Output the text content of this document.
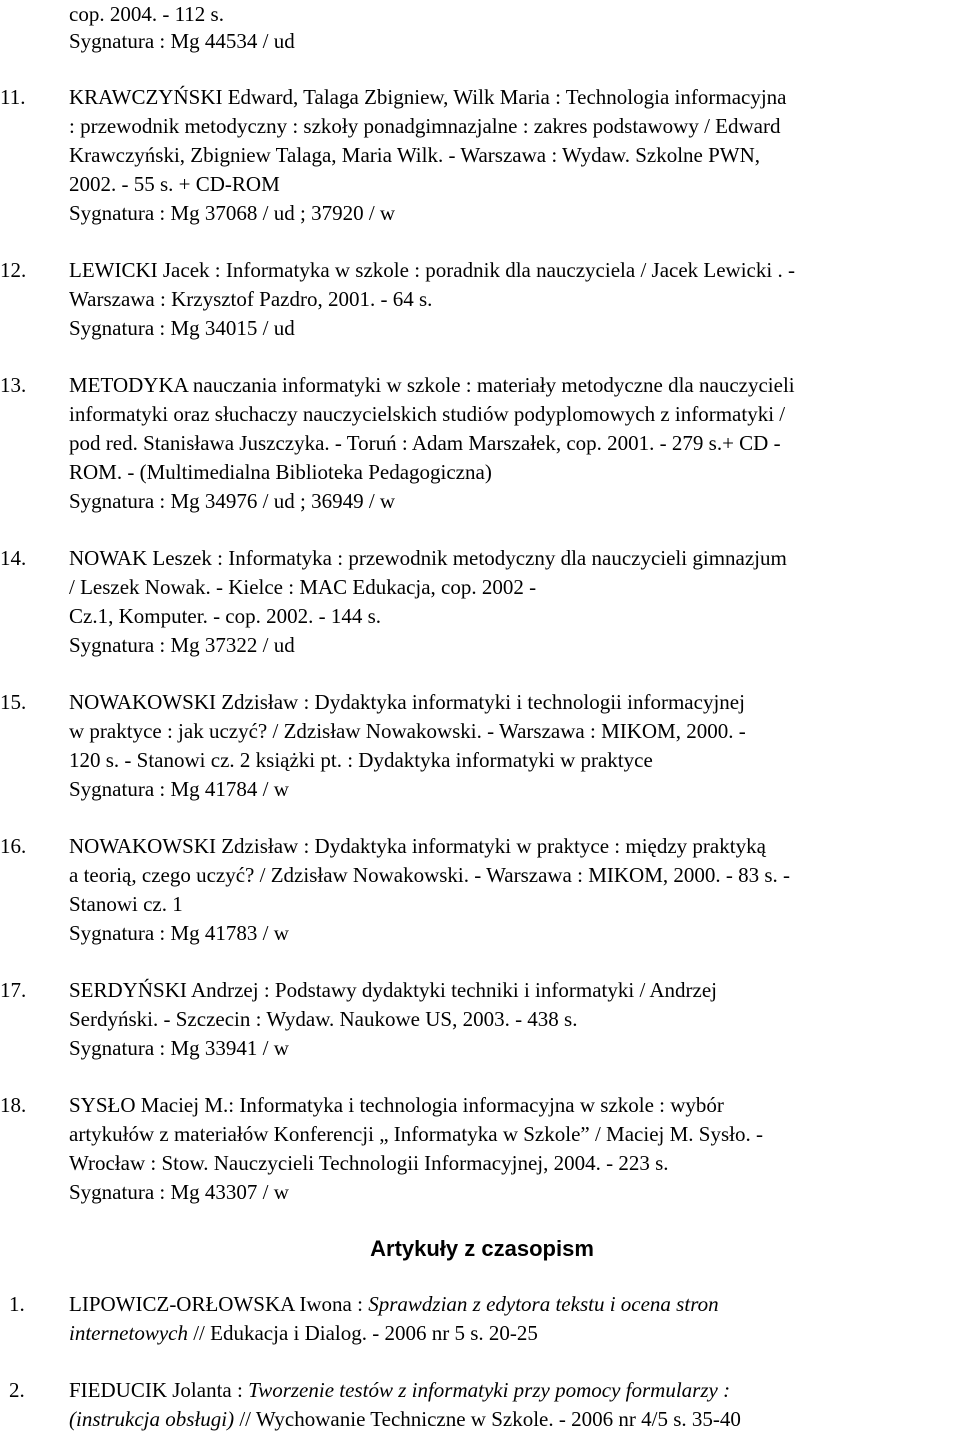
cop. 2004. - 112 s.
Sygnatura : Mg 44534 / ud
11. KRAWCZYŃSKI Edward, Talaga Zbigniew, Wilk Maria : Technologia informacyjna
: przewodnik metodyczny : szkoły ponadgimnazjalne : zakres podstawowy / Edward
Krawczyński, Zbigniew Talaga, Maria Wilk. - Warszawa : Wydaw. Szkolne PWN,
2002. - 55 s. + CD-ROM
Sygnatura : Mg 37068 / ud ; 37920 / w
12. LEWICKI Jacek : Informatyka w szkole : poradnik dla nauczyciela / Jacek Lewicki . -
Warszawa : Krzysztof Pazdro, 2001. - 64 s.
Sygnatura : Mg 34015 / ud
13. METODYKA nauczania informatyki w szkole : materiały metodyczne dla nauczycieli
informatyki oraz słuchaczy nauczycielskich studiów podyplomowych z informatyki /
pod red. Stanisława Juszczyka. - Toruń : Adam Marszałek, cop. 2001. - 279 s.+ CD -
ROM. - (Multimedialna Biblioteka Pedagogiczna)
Sygnatura : Mg 34976 / ud ; 36949 / w
14. NOWAK Leszek : Informatyka : przewodnik metodyczny dla nauczycieli gimnazjum
/ Leszek Nowak. - Kielce : MAC Edukacja, cop. 2002 -
Cz.1, Komputer. - cop. 2002. - 144 s.
Sygnatura : Mg 37322 / ud
15. NOWAKOWSKI Zdzisław : Dydaktyka informatyki i technologii informacyjnej
w praktyce : jak uczyć? / Zdzisław Nowakowski. - Warszawa : MIKOM, 2000. -
120 s. - Stanowi cz. 2 książki pt. : Dydaktyka informatyki w praktyce
Sygnatura : Mg 41784 / w
16. NOWAKOWSKI Zdzisław : Dydaktyka informatyki w praktyce : między praktyką
a teorią, czego uczyć? / Zdzisław Nowakowski. - Warszawa : MIKOM, 2000. - 83 s. -
Stanowi cz. 1
Sygnatura : Mg 41783 / w
17. SERDYŃSKI Andrzej : Podstawy dydaktyki techniki i informatyki / Andrzej
Serdyński. - Szczecin : Wydaw. Naukowe US, 2003. - 438 s.
Sygnatura : Mg 33941 / w
18. SYSŁO Maciej M.: Informatyka i technologia informacyjna w szkole : wybór
artykułów z materiałów Konferencji „ Informatyka w Szkole” / Maciej M. Sysło. -
Wrocław : Stow. Nauczycieli Technologii Informacyjnej, 2004. - 223 s.
Sygnatura : Mg 43307 / w
Artykuły z czasopism
1. LIPOWICZ-ORŁOWSKA Iwona : Sprawdzian z edytora tekstu i ocena stron
internetowych // Edukacja i Dialog. - 2006 nr 5 s. 20-25
2. FIEDUCIK Jolanta : Tworzenie testów z informatyki przy pomocy formularzy :
(instrukcja obsługi) // Wychowanie Techniczne w Szkole. - 2006 nr 4/5 s. 35-40
